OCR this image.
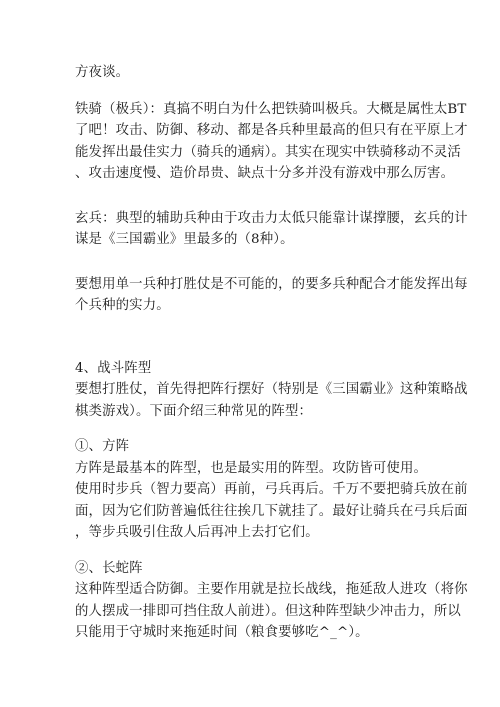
方夜谈。
铁骑（极兵）：真搞不明白为什么把铁骑叫极兵。大概是属性太BT
了吧！攻击、防御、移动、都是各兵种里最高的但只有在平原上才
能发挥出最佳实力（骑兵的通病）。其实在现实中铁骑移动不灵活
、攻击速度慢、造价昂贵、缺点十分多并没有游戏中那么厉害。
玄兵：典型的辅助兵种由于攻击力太低只能靠计谋撑腰，玄兵的计
谋是《三国霸业》里最多的（8种）。
要想用单一兵种打胜仗是不可能的，的要多兵种配合才能发挥出每
个兵种的实力。
4、战斗阵型
要想打胜仗，首先得把阵行摆好（特别是《三国霸业》这种策略战
棋类游戏）。下面介绍三种常见的阵型：
①、方阵
方阵是最基本的阵型，也是最实用的阵型。攻防皆可使用。
使用时步兵（智力要高）再前，弓兵再后。千万不要把骑兵放在前
面，因为它们防普遍低往往挨几下就挂了。最好让骑兵在弓兵后面
，等步兵吸引住敌人后再冲上去打它们。
②、长蛇阵
这种阵型适合防御。主要作用就是拉长战线，拖延敌人进攻（将你
的人摆成一排即可挡住敌人前进）。但这种阵型缺少冲击力，所以
只能用于守城时来拖延时间（粮食要够吃^_^）。
